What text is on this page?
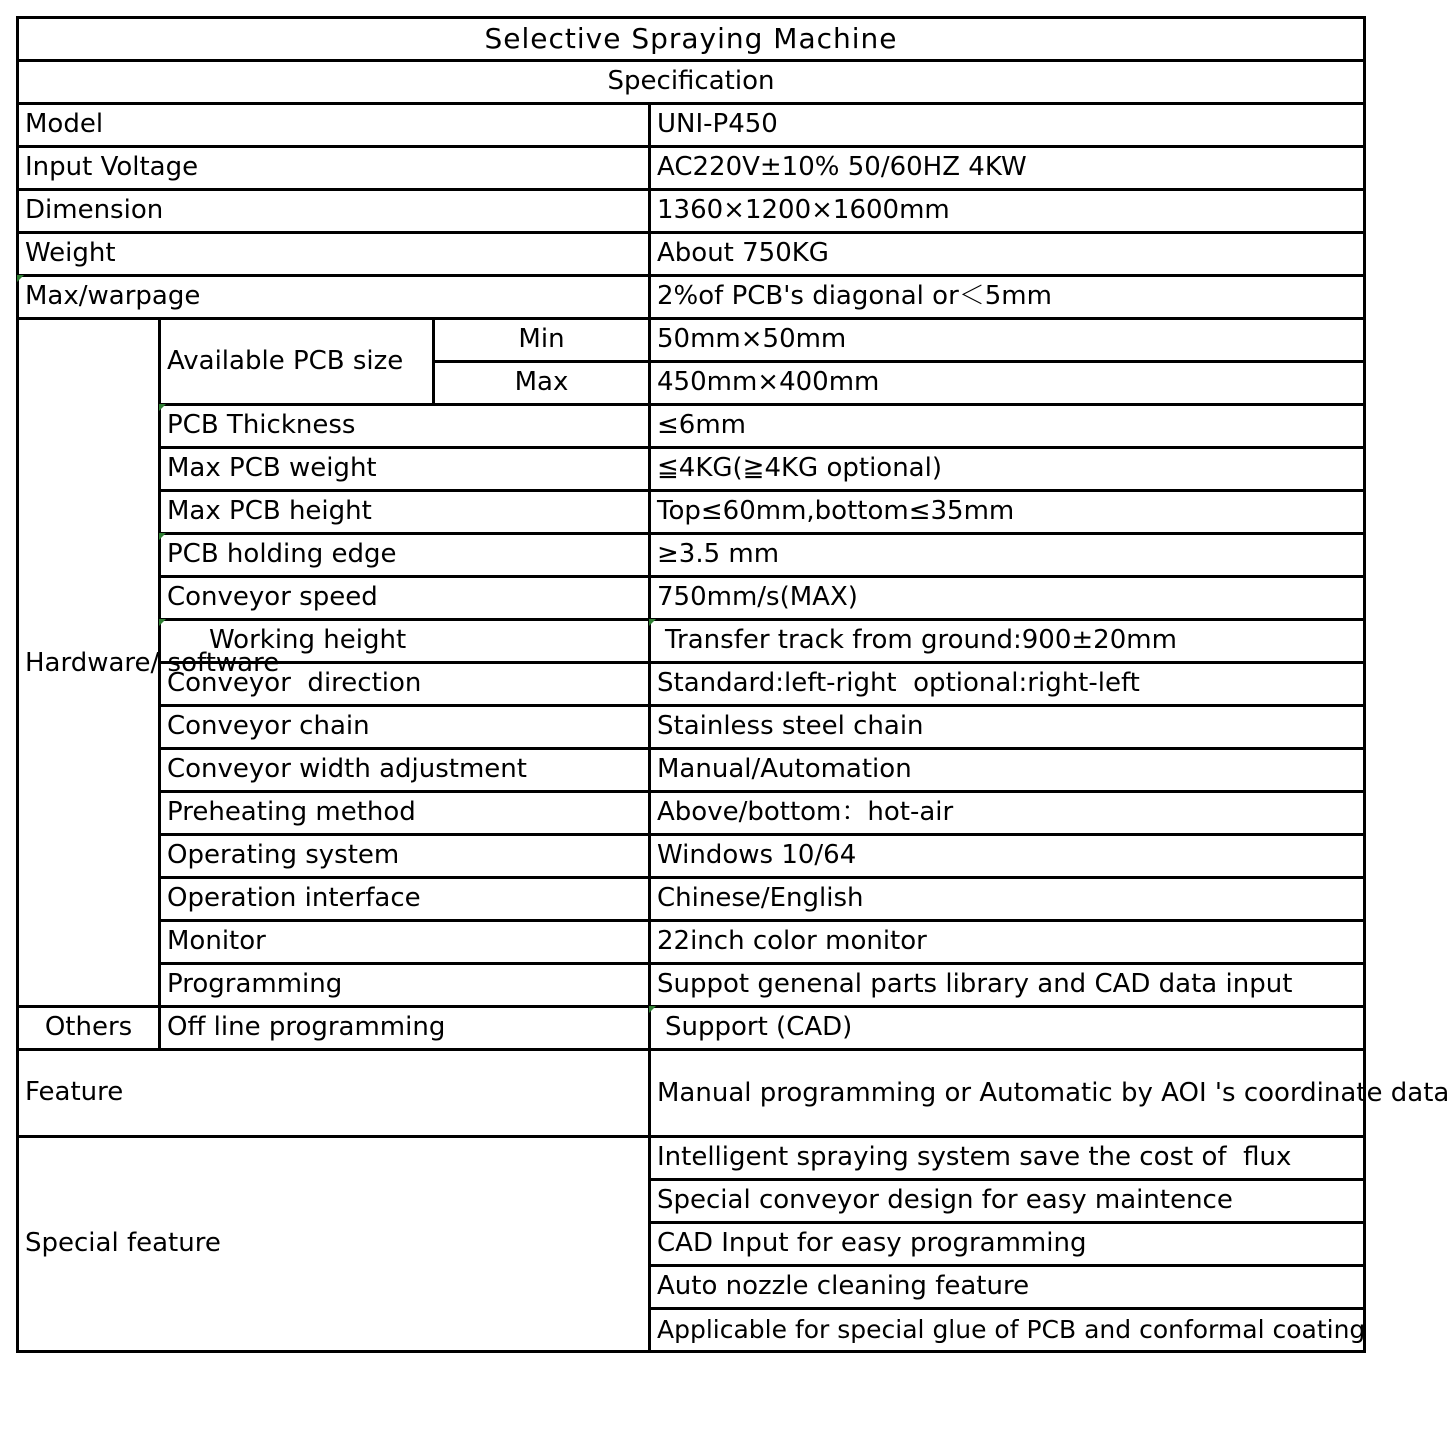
Selective Spraying Machine			
Specification			
Model			UNI-P450
Input Voltage			AC220V±10% 50/60HZ 4KW
Dimension			1360×1200×1600mm
Weight			About 750KG
Max/warpage			2%of PCB's diagonal or＜5mm
Hardware/ software	Available PCB size	Min	50mm×50mm
		Max	450mm×400mm
	PCB Thickness		≤6mm
	Max PCB weight		≦4KG(≧4KG optional)
	Max PCB height		Top≤60mm,bottom≤35mm
	PCB holding edge		≥3.5 mm
	Conveyor speed		750mm/s(MAX)
	Working height		Transfer track from ground:900±20mm
	Conveyor  direction		Standard:left-right  optional:right-left
	Conveyor chain		Stainless steel chain
	Conveyor width adjustment		Manual/Automation
	Preheating method		Above/bottom：hot-air
	Operating system		Windows 10/64
	Operation interface		Chinese/English
	Monitor		22inch color monitor
	Programming		Suppot genenal parts library and CAD data input
Others	Off line programming		Support (CAD)
Feature			Manual programming or Automatic by AOI 's coordinate data
Special feature			Intelligent spraying system save the cost of  flux
			Special conveyor design for easy maintence
			CAD Input for easy programming
			Auto nozzle cleaning feature
			Applicable for special glue of PCB and conformal coating
